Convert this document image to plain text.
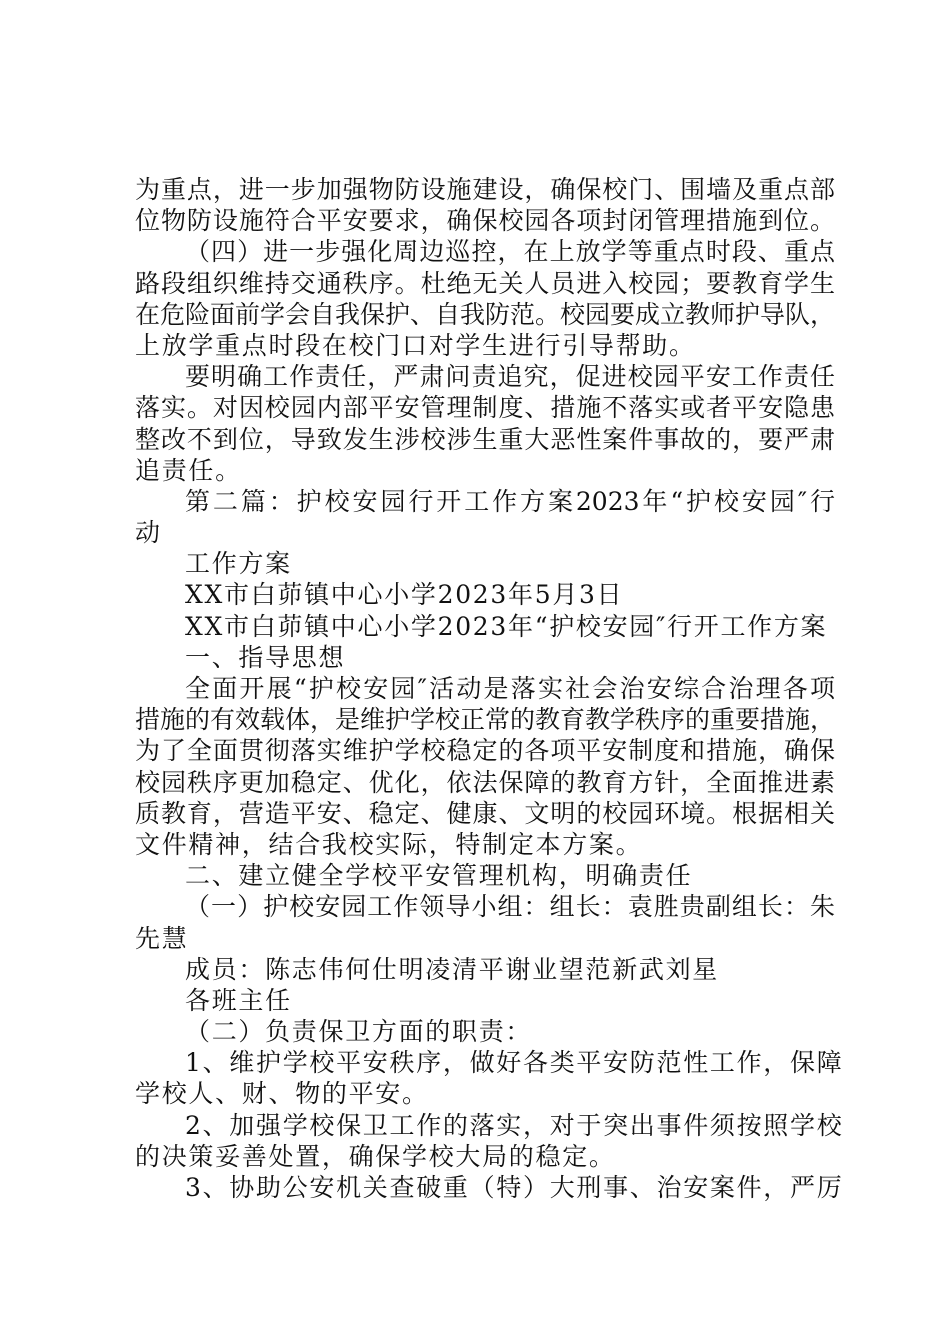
为重点，进一步加强物防设施建设，确保校门、围墙及重点部
位物防设施符合平安要求，确保校园各项封闭管理措施到位。
（四）进一步强化周边巡控，在上放学等重点时段、重点
路段组织维持交通秩序。杜绝无关人员进入校园；要教育学生
在危险面前学会自我保护、自我防范。校园要成立教师护导队，
上放学重点时段在校门口对学生进行引导帮助。
要明确工作责任，严肃问责追究，促进校园平安工作责任
落实。对因校园内部平安管理制度、措施不落实或者平安隐患
整改不到位，导致发生涉校涉生重大恶性案件事故的，要严肃
追责任。
第二篇：护校安园行开工作方案2023年“护校安园″行
动
工作方案
XX市白茆镇中心小学2023年5月3日
XX市白茆镇中心小学2023年“护校安园″行开工作方案
一、指导思想
全面开展“护校安园″活动是落实社会治安综合治理各项
措施的有效载体，是维护学校正常的教育教学秩序的重要措施，
为了全面贯彻落实维护学校稳定的各项平安制度和措施，确保
校园秩序更加稳定、优化，依法保障的教育方针，全面推进素
质教育，营造平安、稳定、健康、文明的校园环境。根据相关
文件精神，结合我校实际，特制定本方案。
二、建立健全学校平安管理机构，明确责任
（一）护校安园工作领导小组：组长：袁胜贵副组长：朱
先慧
成员：陈志伟何仕明凌清平谢业望范新武刘星
各班主任
（二）负责保卫方面的职责：
1、维护学校平安秩序，做好各类平安防范性工作，保障
学校人、财、物的平安。
2、加强学校保卫工作的落实，对于突出事件须按照学校
的决策妥善处置，确保学校大局的稳定。
3、协助公安机关查破重（特）大刑事、治安案件，严厉
